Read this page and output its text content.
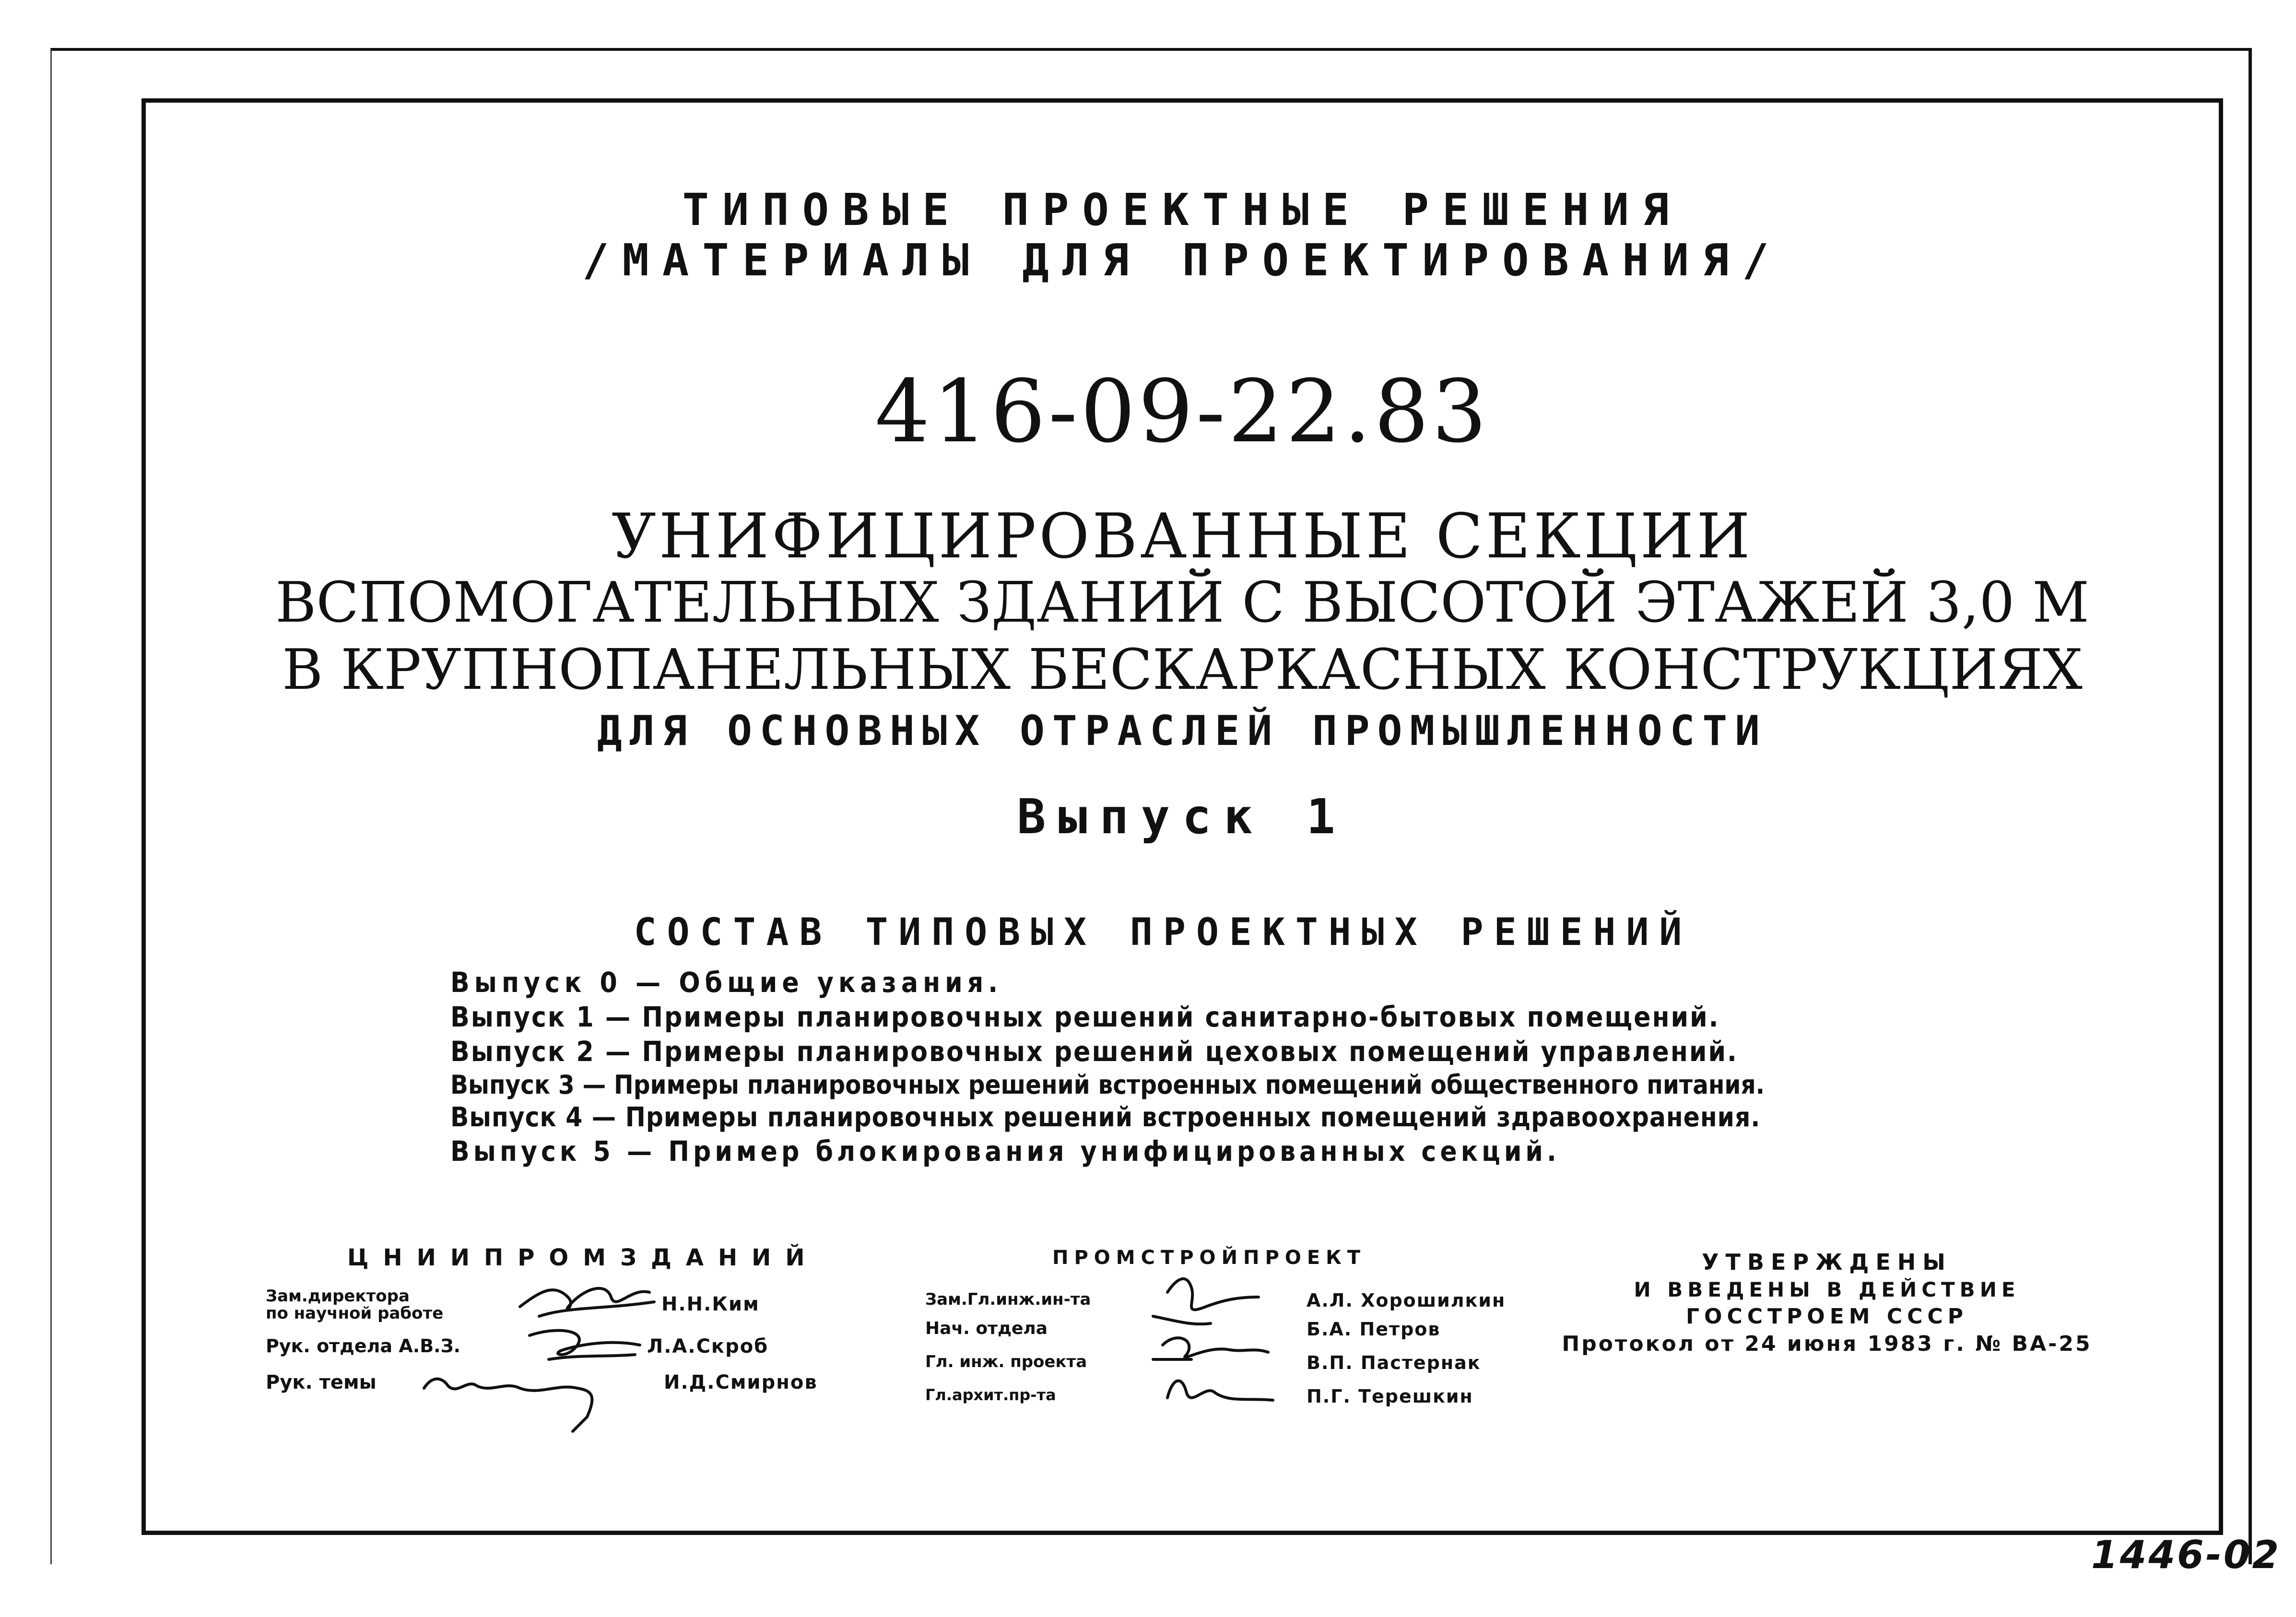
ТИПОВЫЕ ПРОЕКТНЫЕ РЕШЕНИЯ
/МАТЕРИАЛЫ ДЛЯ ПРОЕКТИРОВАНИЯ/
416-09-22.83
УНИФИЦИРОВАННЫЕ СЕКЦИИ
ВСПОМОГАТЕЛЬНЫХ ЗДАНИЙ С ВЫСОТОЙ ЭТАЖЕЙ 3,0 М
В КРУПНОПАНЕЛЬНЫХ БЕСКАРКАСНЫХ КОНСТРУКЦИЯХ
ДЛЯ ОСНОВНЫХ ОТРАСЛЕЙ ПРОМЫШЛЕННОСТИ
Выпуск 1
СОСТАВ ТИПОВЫХ ПРОЕКТНЫХ РЕШЕНИЙ
Выпуск 0 — Общие указания.
Выпуск 1 — Примеры планировочных решений санитарно-бытовых помещений.
Выпуск 2 — Примеры планировочных решений цеховых помещений управлений.
Выпуск 3 — Примеры планировочных решений встроенных помещений общественного питания.
Выпуск 4 — Примеры планировочных решений встроенных помещений здравоохранения.
Выпуск 5 — Пример блокирования унифицированных секций.
ЦНИИПРОМЗДАНИЙ
Зам.директора
по научной работе	Н.Н.Ким
Рук. отдела А.В.З.	Л.А.Скроб
Рук. темы	И.Д.Смирнов
ПРОМСТРОЙПРОЕКТ
Зам.Гл.инж.ин-та	А.Л. Хорошилкин
Нач. отдела	Б.А. Петров
Гл. инж. проекта	В.П. Пастернак
Гл.архит.пр-та	П.Г. Терешкин
УТВЕРЖДЕНЫ
И ВВЕДЕНЫ В ДЕЙСТВИЕ
ГОССТРОЕМ СССР
Протокол от 24 июня 1983 г. № ВА-25
1446-02
